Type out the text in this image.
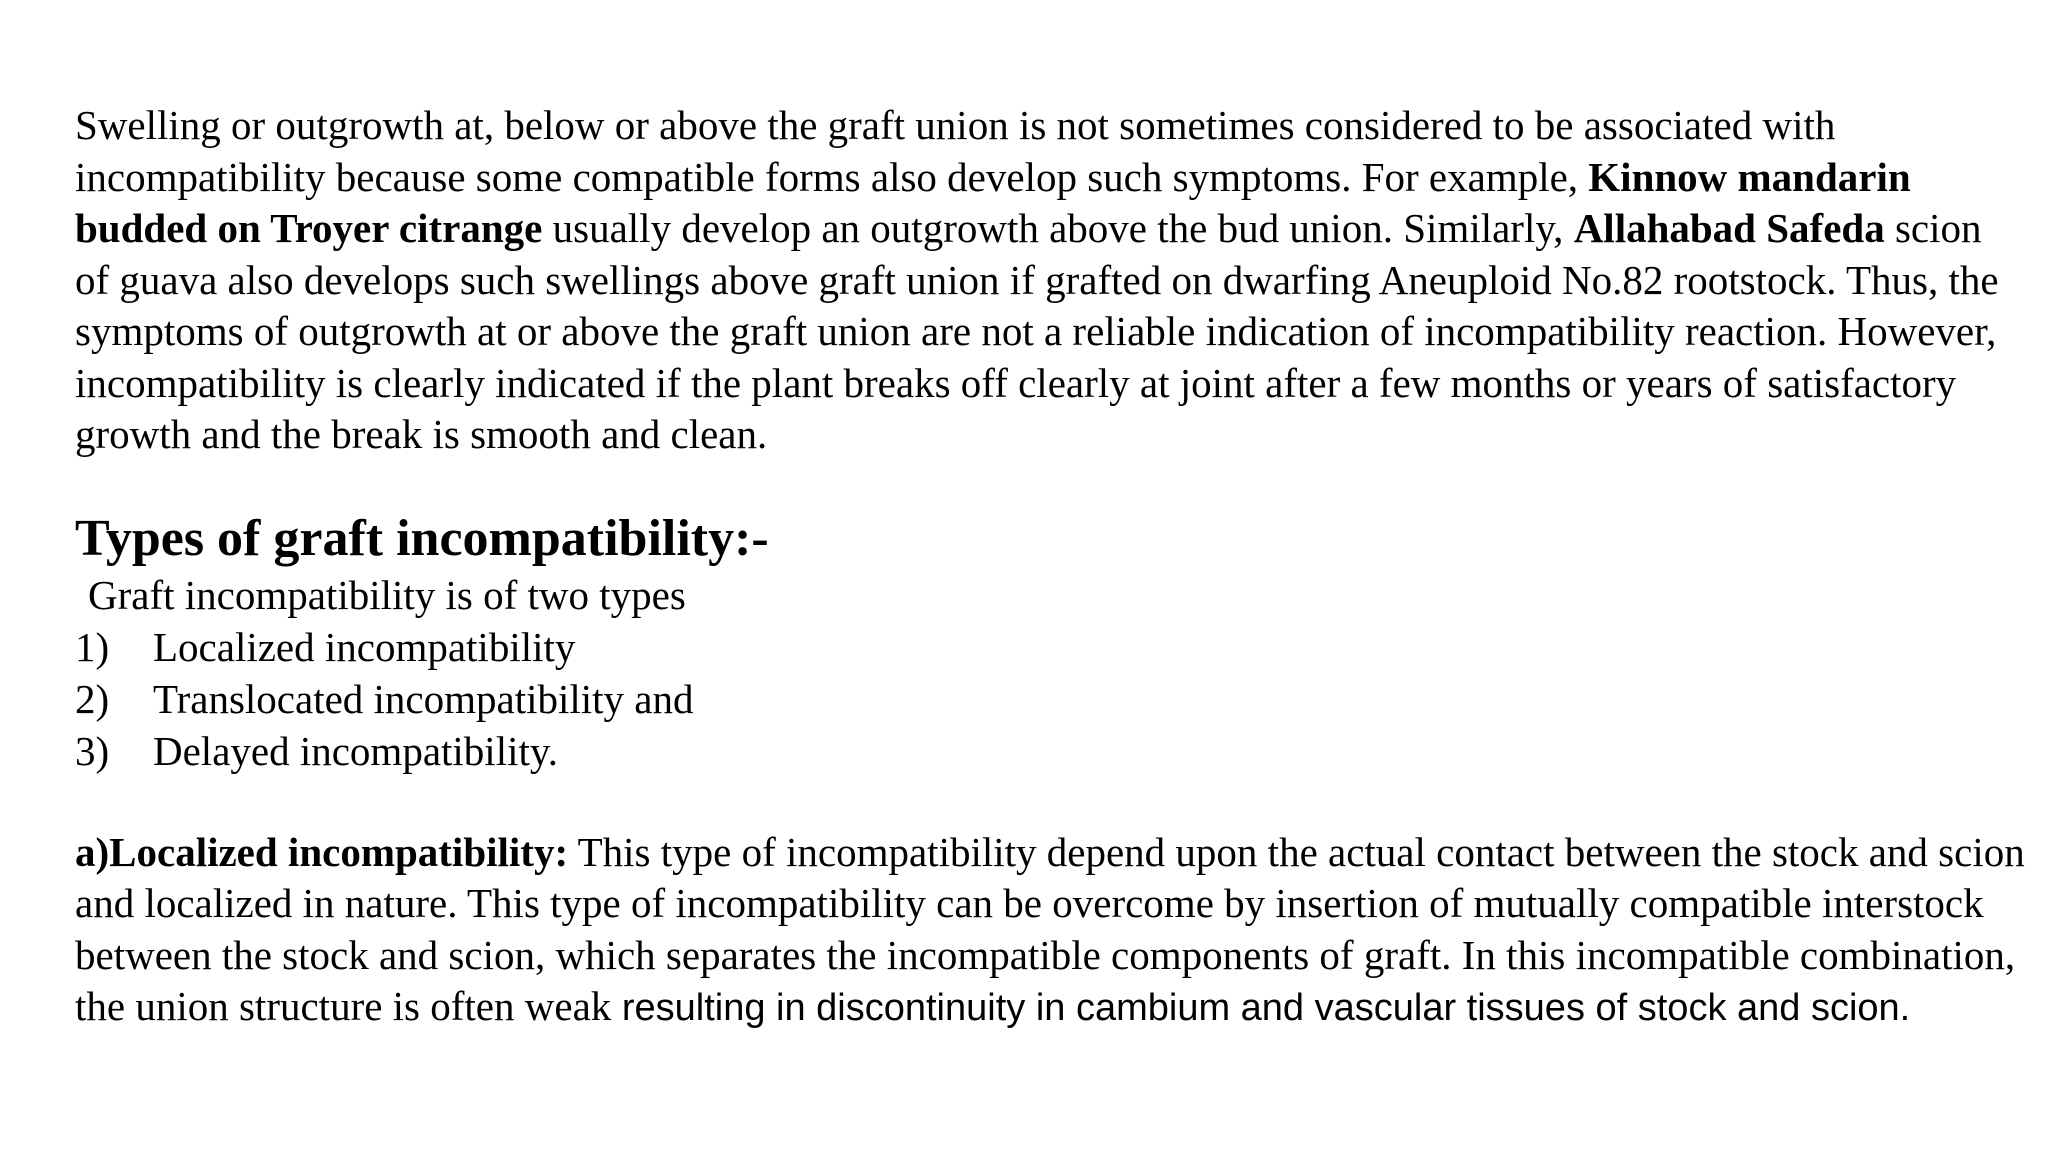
Swelling or outgrowth at, below or above the graft union is not sometimes considered to be associated with incompatibility because some compatible forms also develop such symptoms. For example, Kinnow mandarin budded on Troyer citrange usually develop an outgrowth above the bud union. Similarly, Allahabad Safeda scion of guava also develops such swellings above graft union if grafted on dwarfing Aneuploid No.82 rootstock. Thus, the symptoms of outgrowth at or above the graft union are not a reliable indication of incompatibility reaction. However, incompatibility is clearly indicated if the plant breaks off clearly at joint after a few months or years of satisfactory growth and the break is smooth and clean.

Types of graft incompatibility:-

Graft incompatibility is of two types

1)	Localized incompatibility
2)	Translocated incompatibility and
3)	Delayed incompatibility.

a)Localized incompatibility: This type of incompatibility depend upon the actual contact between the stock and scion and localized in nature. This type of incompatibility can be overcome by insertion of mutually compatible interstock between the stock and scion, which separates the incompatible components of graft. In this incompatible combination, the union structure is often weak resulting in discontinuity in cambium and vascular tissues of stock and scion.
